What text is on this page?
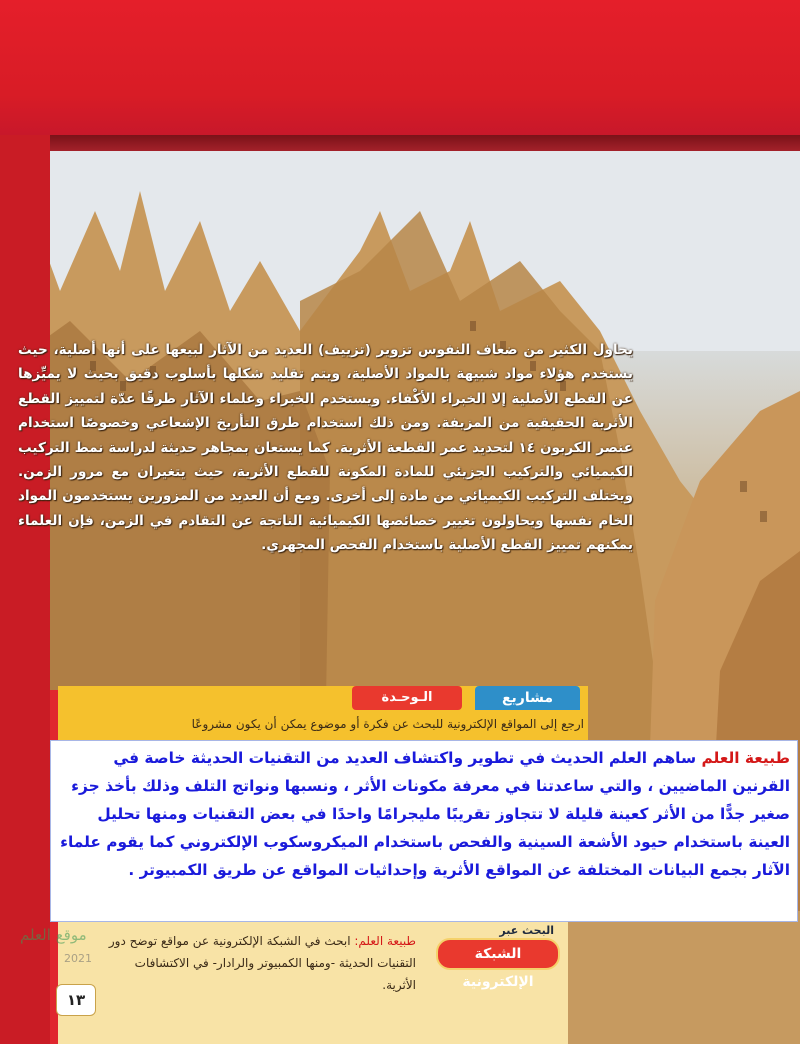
يحاول الكثير من ضعاف النفوس تزوير (تزييف) العديد من الآثار لبيعها على أنها أصلية، حيث يستخدم هؤلاء مواد شبيهة بالمواد الأصلية، ويتم تقليد شكلها بأسلوب دقيق بحيث لا يميِّزها عن القطع الأصلية إلا الخبراء الأكْفاء. ويستخدم الخبراء وعلماء الآثار طرقًا عدّة لتمييز القطع الأثرية الحقيقية من المزيفة. ومن ذلك استخدام طرق التأريخ الإشعاعي وخصوصًا استخدام عنصر الكربون ١٤ لتحديد عمر القطعة الأثرية. كما يستعان بمجاهر حديثة لدراسة نمط التركيب الكيميائي والتركيب الجزيئي للمادة المكونة للقطع الأثرية، حيث يتغيران مع مرور الزمن. ويختلف التركيب الكيميائي من مادة إلى أخرى. ومع أن العديد من المزورين يستخدمون المواد الخام نفسها ويحاولون تغيير خصائصها الكيميائية الناتجة عن التقادم في الزمن، فإن العلماء يمكنهم تمييز القطع الأصلية باستخدام الفحص المجهري.
مشاريع
الـوحـدة
ارجع إلى المواقع الإلكترونية للبحث عن فكرة أو موضوع يمكن أن يكون مشروعًا
طبيعة العلم: ابحث في الشبكة الإلكترونية عن مواقع توضح دور التقنيات الحديثة -ومنها الكمبيوتر والرادار- في الاكتشافات الأثرية.
البحث عبر
الشبكة الإلكترونية
موقع العلم
2021
١٣
طبيعة العلم ساهم العلم الحديث في تطوير واكتشاف العديد من التقنيات الحديثة خاصة في القرنين الماضيين ، والتي ساعدتنا في معرفة مكونات الأثر ، ونسبها ونواتج التلف وذلك بأخذ جزء صغير جدًّا من الأثر كعينة قليلة لا تتجاوز تقريبًا مليجرامًا واحدًا في بعض التقنيات ومنها تحليل العينة باستخدام حيود الأشعة السينية والفحص باستخدام الميكروسكوب الإلكتروني كما يقوم علماء الآثار بجمع البيانات المختلفة عن المواقع الأثرية وإحداثيات المواقع عن طريق الكمبيوتر .
